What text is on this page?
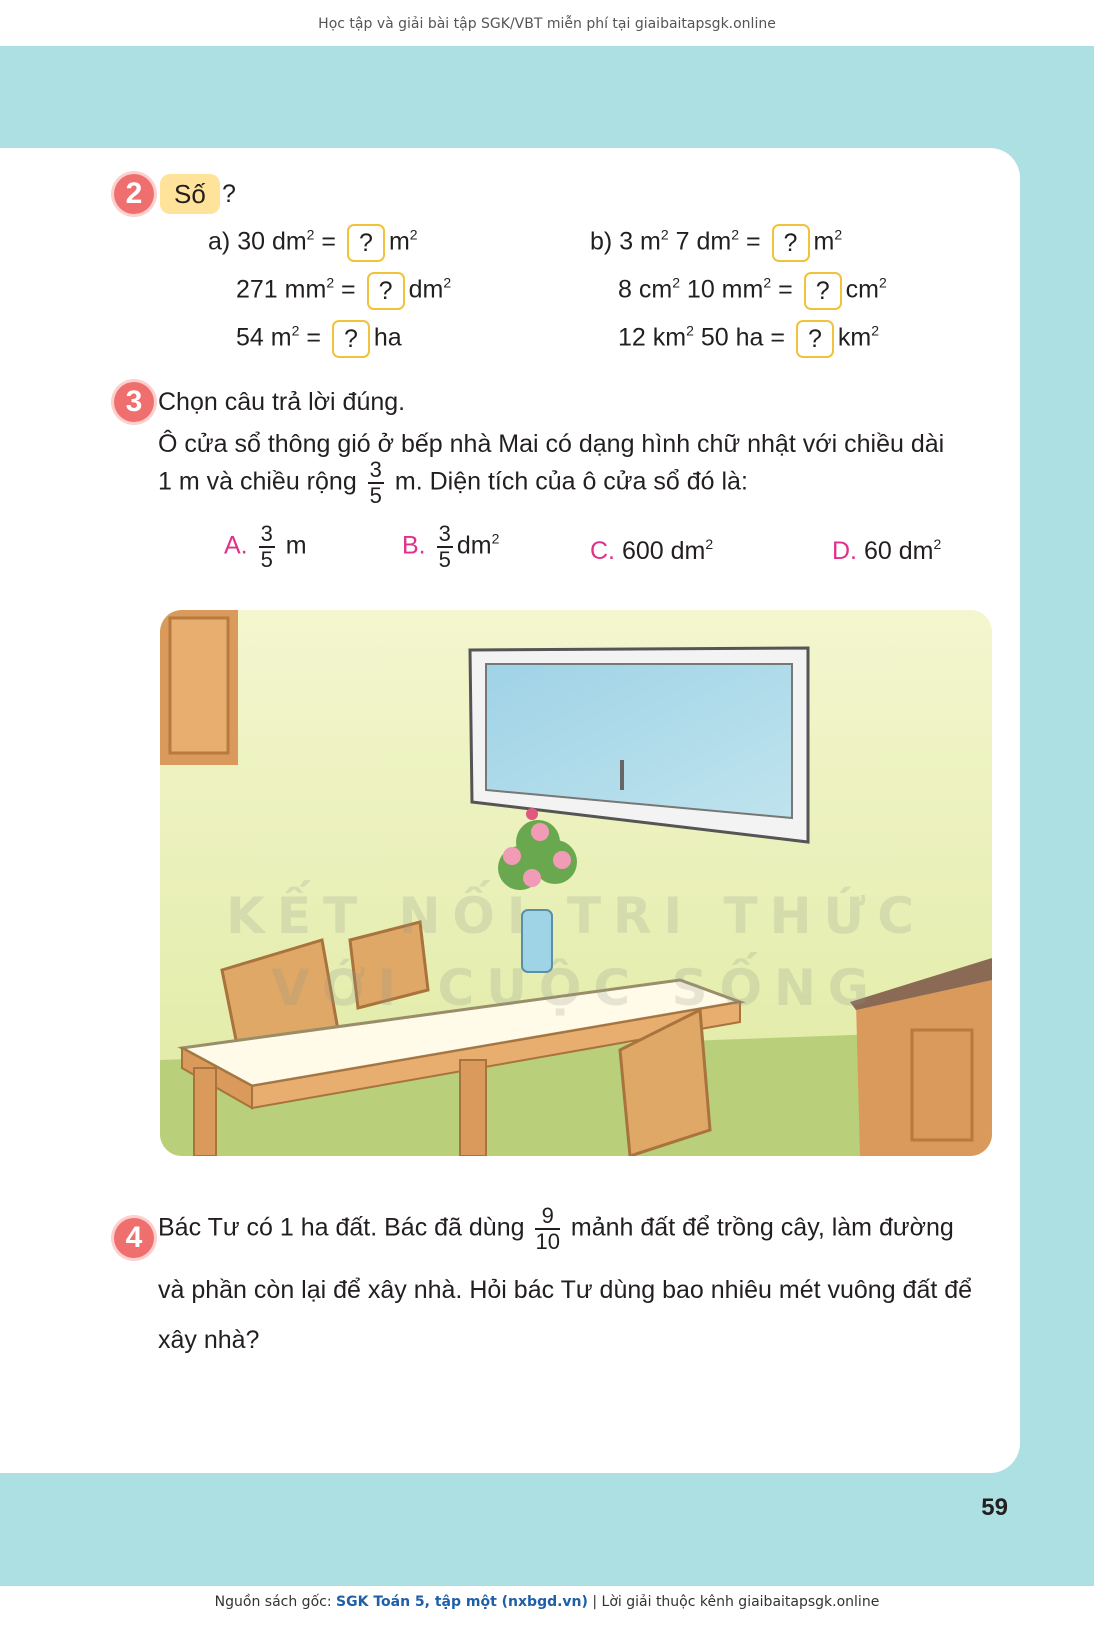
Học tập và giải bài tập SGK/VBT miễn phí tại giaibaitapsgk.online
2	Số ?
a) 30 $dm^2$ = ? $m^2$
271 $mm^2$ = ? $dm^2$
54 $m^2$ = ? ha
b) 3 $m^2$ 7 $dm^2$ = ? $m^2$
8 $cm^2$ 10 $mm^2$ = ? $cm^2$
12 $km^2$ 50 ha = ? $km^2$
3 Chọn câu trả lời đúng.
Ô cửa sổ thông gió ở bếp nhà Mai có dạng hình chữ nhật với chiều dài
1 m và chiều rộng $\frac{3}{5} m$. Diện tích của ô cửa sổ đó là:
A. $\frac{3}{5}$ m	B. $\frac{3}{5} dm^2$	C. 600 $dm^2$	D. 60 $dm^2$
KẾT NỐI TRI THỨC
VỚI CUỘC SỐNG
4 Bác Tư có 1 ha đất. Bác đã dùng $\frac{9}{10}$ mảnh đất để trồng cây, làm đường
và phần còn lại để xây nhà. Hỏi bác Tư dùng bao nhiêu mét vuông đất để
xây nhà?
59
Nguồn sách gốc: SGK Toán 5, tập một (nxbgd.vn) | Lời giải thuộc kênh giaibaitapsgk.online
